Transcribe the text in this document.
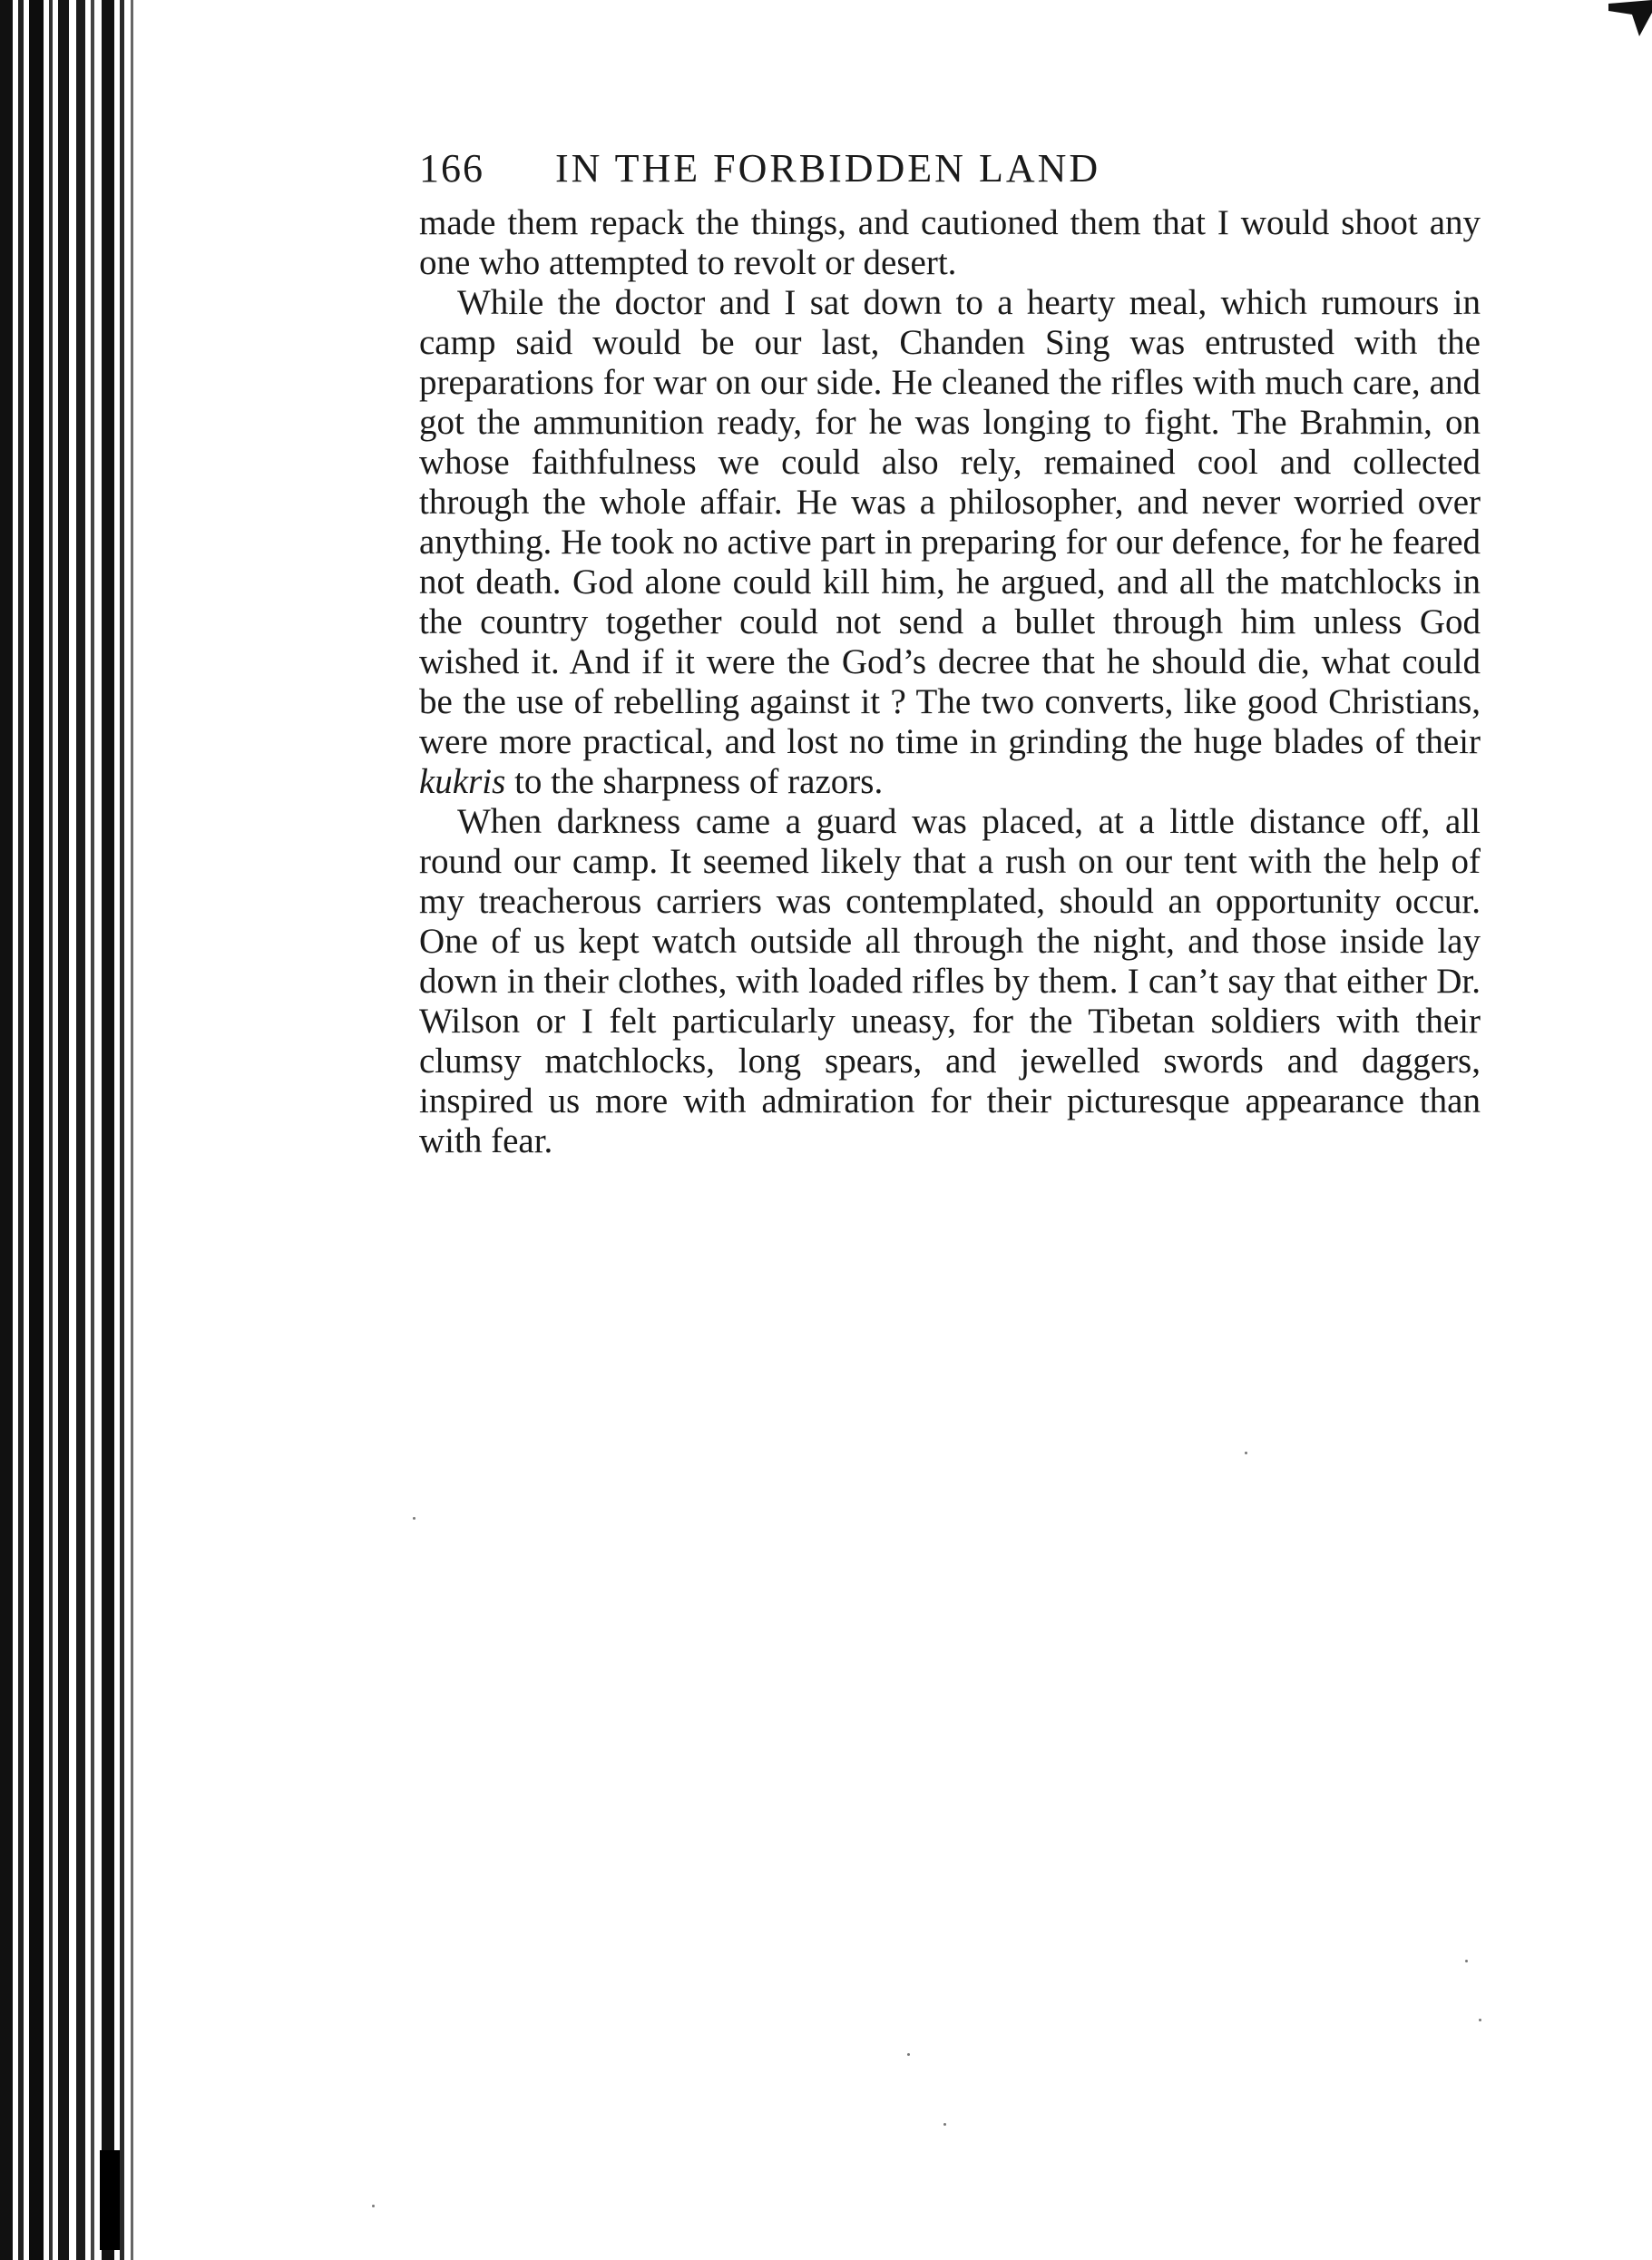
166	IN THE FORBIDDEN LAND

made them repack the things, and cautioned them that I would shoot any one who attempted to revolt or desert.

While the doctor and I sat down to a hearty meal, which rumours in camp said would be our last, Chanden Sing was entrusted with the preparations for war on our side. He cleaned the rifles with much care, and got the ammunition ready, for he was longing to fight. The Brahmin, on whose faithfulness we could also rely, remained cool and collected through the whole affair. He was a philosopher, and never worried over anything. He took no active part in preparing for our defence, for he feared not death. God alone could kill him, he argued, and all the matchlocks in the country together could not send a bullet through him unless God wished it. And if it were the God’s decree that he should die, what could be the use of rebelling against it ? The two converts, like good Christians, were more practical, and lost no time in grinding the huge blades of their kukris to the sharpness of razors.

When darkness came a guard was placed, at a little distance off, all round our camp. It seemed likely that a rush on our tent with the help of my treacherous carriers was contemplated, should an opportunity occur. One of us kept watch outside all through the night, and those inside lay down in their clothes, with loaded rifles by them. I can’t say that either Dr. Wilson or I felt particularly uneasy, for the Tibetan soldiers with their clumsy matchlocks, long spears, and jewelled swords and daggers, inspired us more with admiration for their picturesque appearance than with fear.
